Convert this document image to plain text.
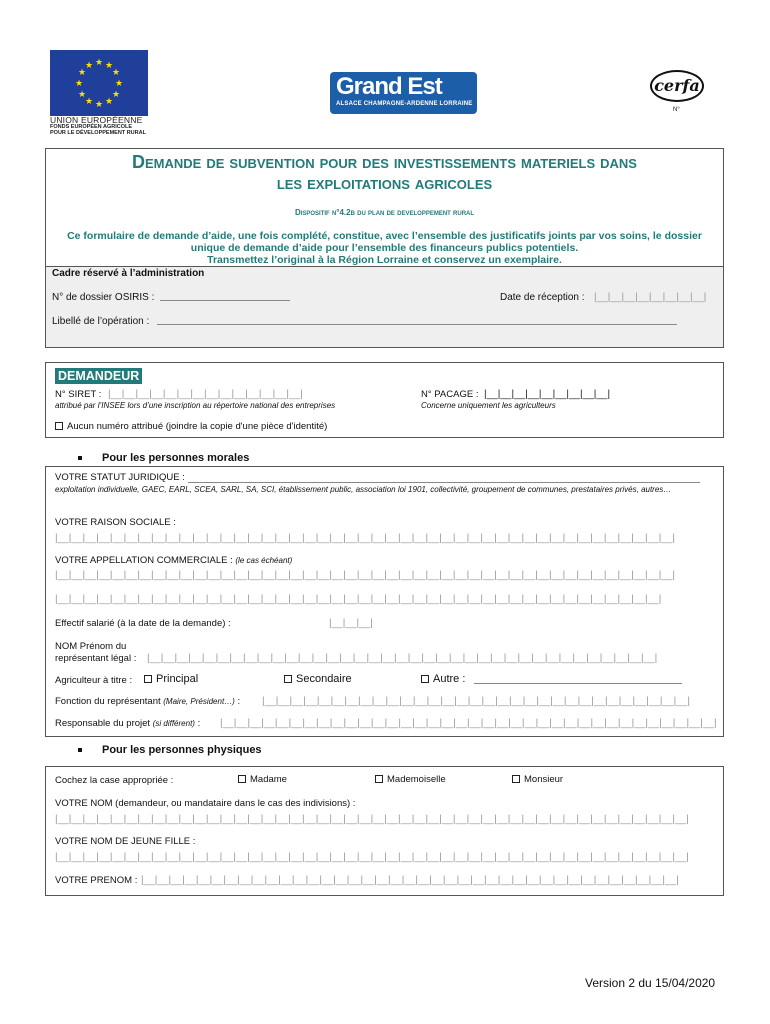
★ ★
★
★
★
★
★
★
★
★
★
★
UNION EUROPÉENNE
FONDS EUROPÉEN AGRICOLE
POUR LE DÉVELOPPEMENT RURAL
Grand Est
ALSACE CHAMPAGNE-ARDENNE LORRAINE
cerfa
N°
Demande de subvention pour des investissements materiels dans
les exploitations agricoles
Dispositif n°4.2b du plan de developpement rural
Ce formulaire de demande d’aide, une fois complété, constitue, avec l’ensemble des justificatifs joints par vos soins, le dossier
unique de demande d’aide pour l’ensemble des financeurs publics potentiels.
Transmettez l’original à la Région Lorraine et conservez un exemplaire.
Cadre réservé à l’administration
N° de dossier OSIRIS :	Date de réception : |__|__|__|__|__|__|__|__|
Libellé de l’opération :
DEMANDEUR
N° SIRET : |__|__|__|__|__|__|__|__|__|__|__|__|__|__|
attribué par l’INSEE lors d’une inscription au répertoire national des entreprises
N° PACAGE : |__|__|__|__|__|__|__|__|__|
Concerne uniquement les agriculteurs
Aucun numéro attribué (joindre la copie d'une pièce d'identité)
Pour les personnes morales
VOTRE STATUT JURIDIQUE :
exploitation individuelle, GAEC, EARL, SCEA, SARL, SA, SCI, établissement public, association loi 1901, collectivité, groupement de communes, prestataires privés, autres…
VOTRE RAISON SOCIALE :
|__|__|__|__|__|__|__|__|__|__|__|__|__|__|__|__|__|__|__|__|__|__|__|__|__|__|__|__|__|__|__|__|__|__|__|__|__|__|__|__|__|__|__|__|__|
VOTRE APPELLATION COMMERCIALE : (le cas échéant)
|__|__|__|__|__|__|__|__|__|__|__|__|__|__|__|__|__|__|__|__|__|__|__|__|__|__|__|__|__|__|__|__|__|__|__|__|__|__|__|__|__|__|__|__|__|
|__|__|__|__|__|__|__|__|__|__|__|__|__|__|__|__|__|__|__|__|__|__|__|__|__|__|__|__|__|__|__|__|__|__|__|__|__|__|__|__|__|__|__|__|
Effectif salarié (à la date de la demande) :	|__|__|__|
NOM Prénom du
représentant légal : |__|__|__|__|__|__|__|__|__|__|__|__|__|__|__|__|__|__|__|__|__|__|__|__|__|__|__|__|__|__|__|__|__|__|__|__|__|
Agriculteur à titre :	Principal	Secondaire	Autre :
Fonction du représentant (Maire, Président…) : |__|__|__|__|__|__|__|__|__|__|__|__|__|__|__|__|__|__|__|__|__|__|__|__|__|__|__|__|__|__|__|
Responsable du projet (si différent) : |__|__|__|__|__|__|__|__|__|__|__|__|__|__|__|__|__|__|__|__|__|__|__|__|__|__|__|__|__|__|__|__|__|__|__|__|
Pour les personnes physiques
Cochez la case appropriée :	Madame	Mademoiselle	Monsieur
VOTRE NOM (demandeur, ou mandataire dans le cas des indivisions) :
|__|__|__|__|__|__|__|__|__|__|__|__|__|__|__|__|__|__|__|__|__|__|__|__|__|__|__|__|__|__|__|__|__|__|__|__|__|__|__|__|__|__|__|__|__|__|
VOTRE NOM DE JEUNE FILLE :
|__|__|__|__|__|__|__|__|__|__|__|__|__|__|__|__|__|__|__|__|__|__|__|__|__|__|__|__|__|__|__|__|__|__|__|__|__|__|__|__|__|__|__|__|__|__|
VOTRE PRENOM : |__|__|__|__|__|__|__|__|__|__|__|__|__|__|__|__|__|__|__|__|__|__|__|__|__|__|__|__|__|__|__|__|__|__|__|__|__|__|__|
Version 2 du 15/04/2020
